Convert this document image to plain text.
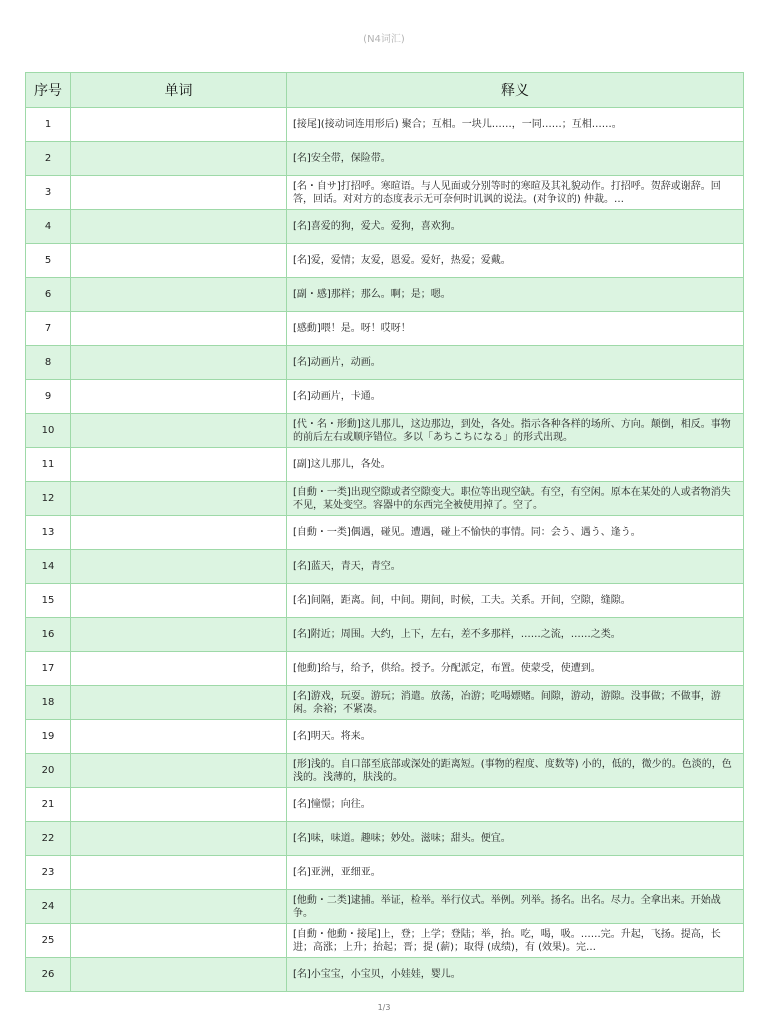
(N4词汇)
序号	单词	释义
1		[接尾](接动词连用形后) 聚合；互相。一块儿……，一同……；互相……。

2		[名]安全带，保险带。

3		[名・自サ]打招呼。寒暄语。与人见面或分别等时的寒暄及其礼貌动作。打招呼。贺辞或谢辞。回答，回话。对对方的态度表示无可奈何时讥讽的说法。(对争议的) 仲裁。…

4		[名]喜爱的狗，爱犬。爱狗，喜欢狗。

5		[名]爱，爱情；友爱，恩爱。爱好，热爱；爱戴。

6		[副・感]那样；那么。啊；是；嗯。

7		[感動]喂！是。呀！哎呀！

8		[名]动画片，动画。

9		[名]动画片，卡通。

10		[代・名・形動]这儿那儿，这边那边，到处，各处。指示各种各样的场所、方向。颠倒，相反。事物的前后左右或顺序错位。多以「あちこちになる」的形式出现。

11		[副]这儿那儿，各处。

12		[自動・一类]出现空隙或者空隙变大。职位等出现空缺。有空，有空闲。原本在某处的人或者物消失不见，某处变空。容器中的东西完全被使用掉了。空了。

13		[自動・一类]偶遇，碰见。遭遇，碰上不愉快的事情。同：会う、遇う、逢う。

14		[名]蓝天，青天，青空。

15		[名]间隔，距离。间，中间。期间，时候，工夫。关系。开间，空隙，缝隙。

16		[名]附近；周围。大约，上下，左右，差不多那样，……之流，……之类。

17		[他動]给与，给予，供给。授予。分配派定，布置。使蒙受，使遭到。

18		[名]游戏，玩耍。游玩；消遣。放荡，冶游；吃喝嫖赌。间隙，游动，游隙。没事做；不做事，游闲。余裕；不紧凑。

19		[名]明天。将来。

20		[形]浅的。自口部至底部或深处的距离短。(事物的程度、度数等) 小的，低的，微少的。色淡的，色浅的。浅薄的，肤浅的。

21		[名]憧憬；向往。

22		[名]味，味道。趣味；妙处。滋味；甜头。便宜。

23		[名]亚洲，亚细亚。

24		[他動・二类]逮捕。举证，检举。举行仪式。举例。列举。扬名。出名。尽力。全拿出来。开始战争。

25		[自動・他動・接尾]上，登；上学；登陆；举，抬。吃，喝，吸。……完。升起，飞扬。提高，长进；高涨；上升；抬起；晋；提 (薪)；取得 (成绩)，有 (效果)。完…

26		[名]小宝宝，小宝贝，小娃娃，婴儿。
1/3
